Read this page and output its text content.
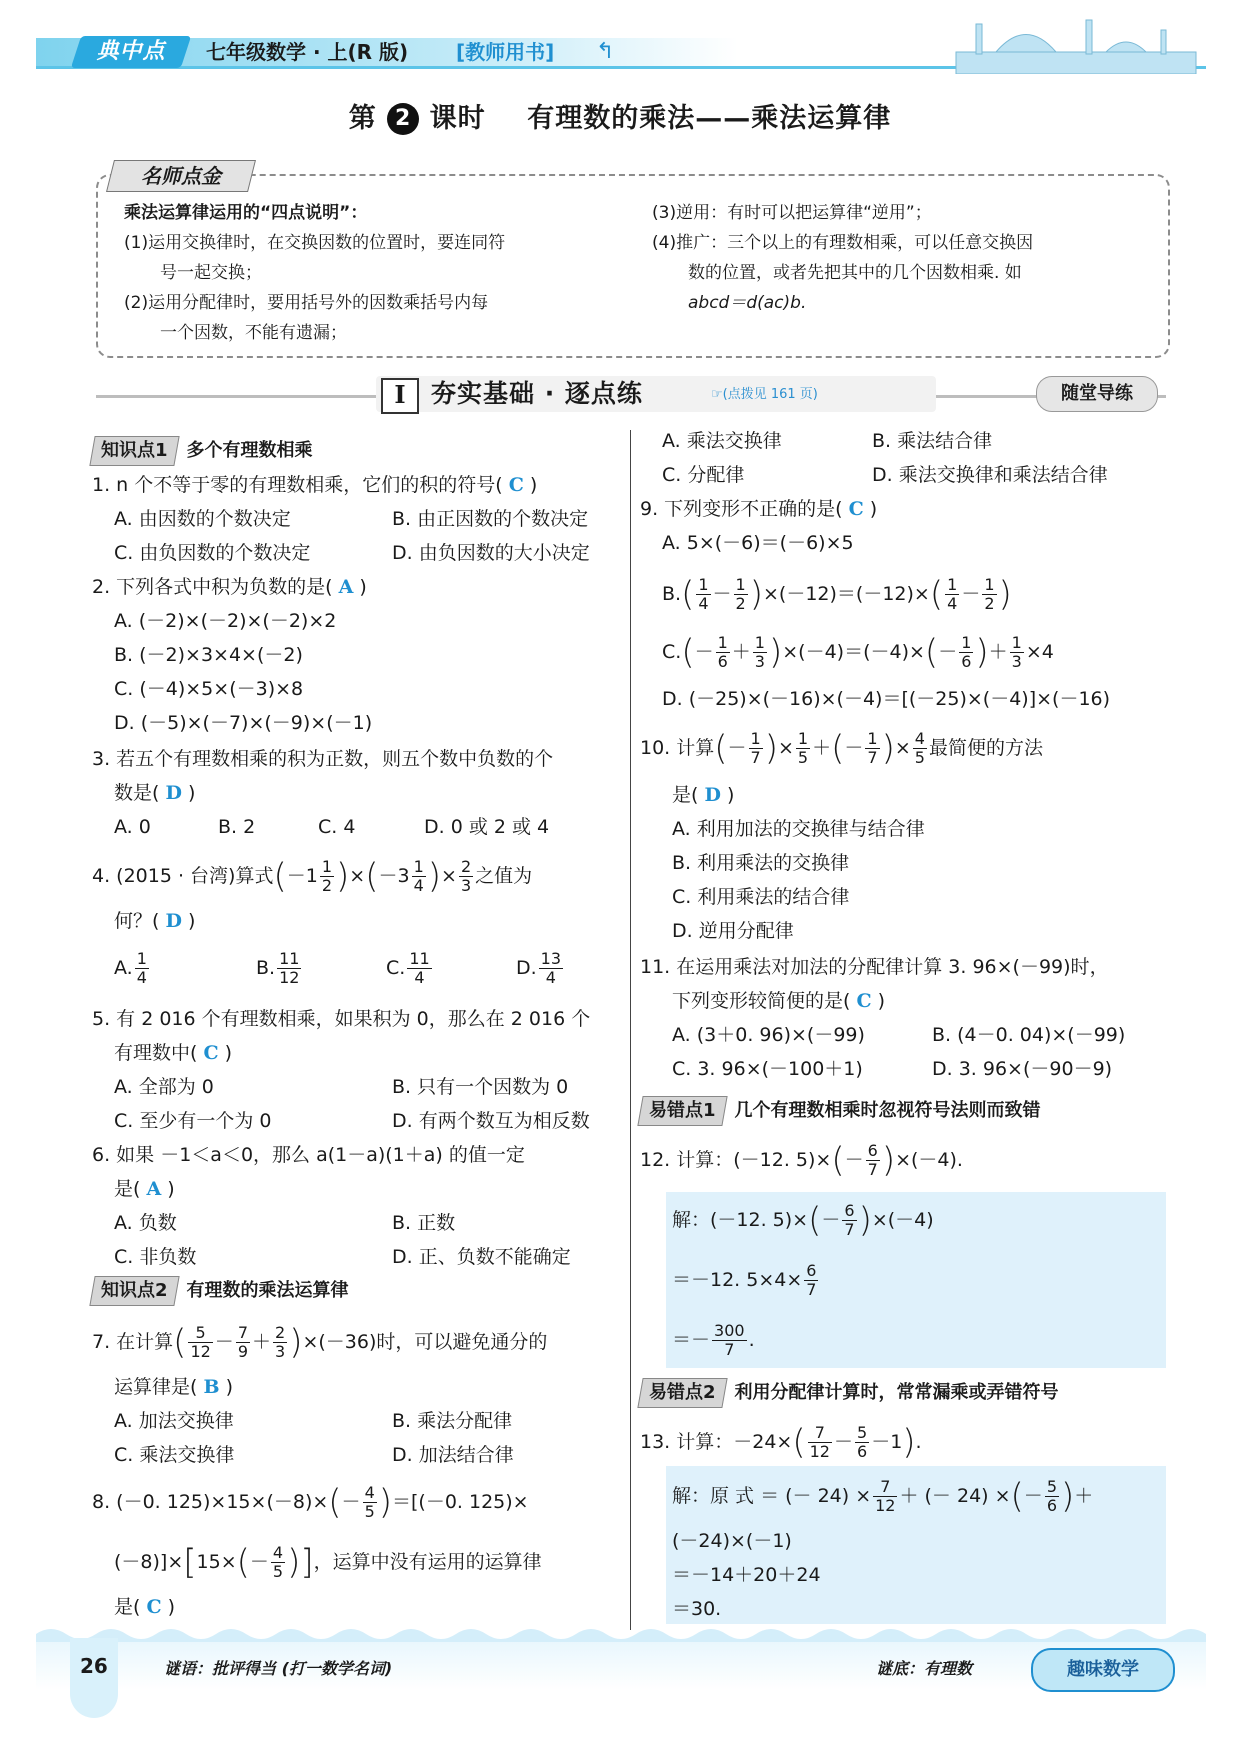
典中点	七年级数学 · 上(R 版) [教师用书] ↰
第 2 课时 有理数的乘法——乘法运算律
名师点金
乘法运算律运用的“四点说明”：
(1)运用交换律时，在交换因数的位置时，要连同符
号一起交换；
(2)运用分配律时，要用括号外的因数乘括号内每
一个因数，不能有遗漏；
(3)逆用：有时可以把运算律“逆用”；
(4)推广：三个以上的有理数相乘，可以任意交换因
数的位置，或者先把其中的几个因数相乘. 如
abcd＝d(ac)b.
I	夯实基础 · 逐点练	☞(点拨见 161 页)	随堂导练
知识点1 多个有理数相乘
1. n 个不等于零的有理数相乘，它们的积的符号( C )
A. 由因数的个数决定	B. 由正因数的个数决定
C. 由负因数的个数决定	D. 由负因数的大小决定
2. 下列各式中积为负数的是( A )
A. (－2)×(－2)×(－2)×2
B. (－2)×3×4×(－2)
C. (－4)×5×(－3)×8
D. (－5)×(－7)×(－9)×(－1)
3. 若五个有理数相乘的积为正数，则五个数中负数的个
数是( D )
A. 0	B. 2	C. 4	D. 0 或 2 或 4
4. (2015 · 台湾)算式$(-1 \frac{1}{2} )\times(-3 \frac{1}{4}$ )× $\frac{2}{3}$ 之值为
何？( D )
A. $\frac{1}{4}$	B. $\frac{11}{12}$	C. $\frac{11}{4}$	D. $\frac{13}{4}$
5. 有 2 016 个有理数相乘，如果积为 0，那么在 2 016 个
有理数中( C )
A. 全部为 0	B. 只有一个因数为 0
C. 至少有一个为 0	D. 有两个数互为相反数
6. 如果 －1＜a＜0，那么 a(1－a)(1＋a) 的值一定
是( A )
A. 负数	B. 正数
C. 非负数	D. 正、负数不能确定
知识点2 有理数的乘法运算律
7. 在计算( $\frac{5}{12} - \frac{7}{9} + \frac{2}{3} )\times(-36)$时，可以避免通分的
运算律是( B )
A. 加法交换律	B. 乘法分配律
C. 乘法交换律	D. 加法结合律
8. (－0. $125)\times 15\times(-8)\times(- \frac{4}{5} )=[(-0$. 125)×
$(-8)]\times[15\times(- \frac{4}{5}$ )]，运算中没有运用的运算律
是( C )
A. 乘法交换律	B. 乘法结合律
C. 分配律	D. 乘法交换律和乘法结合律
9. 下列变形不正确的是( C )
A. 5×(－6)＝(－6)×5
$B.( \frac{1}{4} - \frac{1}{2} )\times(-12)=(-12)\times( \frac{1}{4} - \frac{1}{2}$ )
$C.(- \frac{1}{6} + \frac{1}{3} )\times(-4)=(-4)\times(- \frac{1}{6}$ )＋ $\frac{1}{3} \times 4$
D. (－25)×(－16)×(－4)＝[(－25)×(－4)]×(－16)
10. 计算(－ $\frac{1}{7}$ )× $\frac{1}{5}$ ＋(－ $\frac{1}{7}$ )× $\frac{4}{5}$ 最简便的方法
是( D )
A. 利用加法的交换律与结合律
B. 利用乘法的交换律
C. 利用乘法的结合律
D. 逆用分配律
11. 在运用乘法对加法的分配律计算 3. 96×(－99)时，
下列变形较简便的是( C )
A. (3＋0. 96)×(－99)	B. (4－0. 04)×(－99)
C. 3. 96×(－100＋1)	D. 3. 96×(－90－9)
易错点1 几个有理数相乘时忽视符号法则而致错
12. 计算：(－12. $5)\times(- \frac{6}{7} )\times(-4)$.
解：(－12. $5)\times(- \frac{6}{7} )\times(-4)$
＝－12. $5\times 4\times \frac{6}{7}$
＝－ $\frac{300}{7}$ .
易错点2 利用分配律计算时，常常漏乘或弄错符号
13. 计算：$-24\times( \frac{7}{12} - \frac{5}{6} -1)$.
解：原 式 ＝ (－ $24) \times \frac{7}{12}$ ＋ (－ 24) ×(－ $\frac{5}{6}$ )＋
(－24)×(－1)
＝－14＋20＋24
＝30.
26	谜语：批评得当 (打一数学名词)	谜底：有理数	趣味数学
